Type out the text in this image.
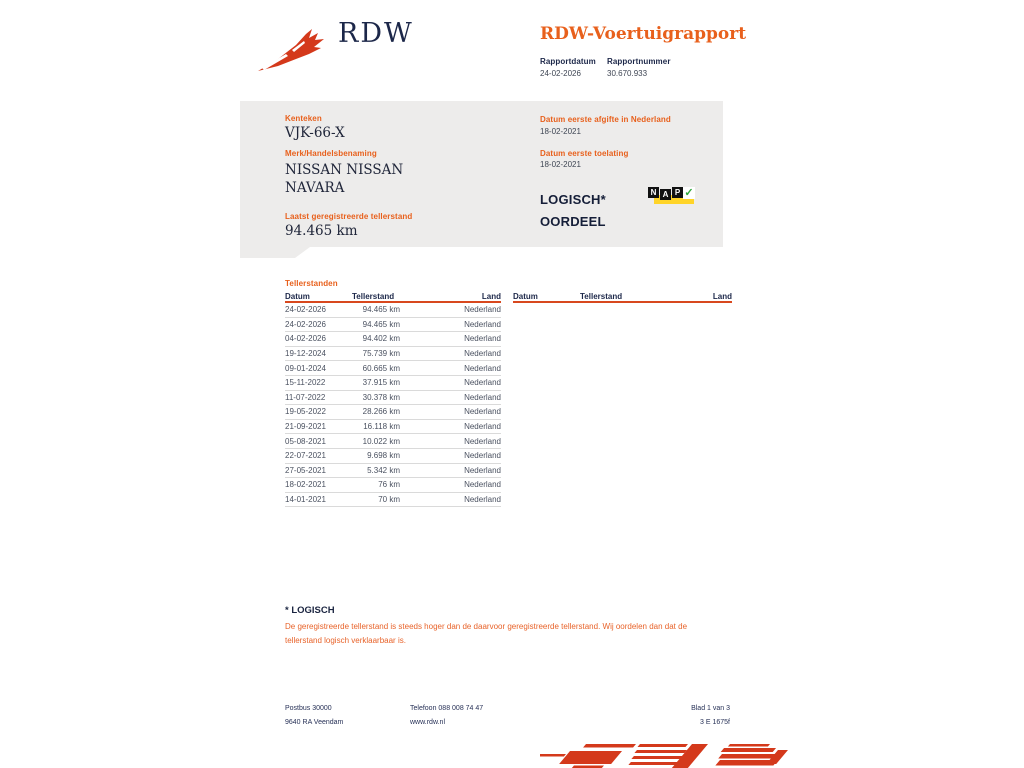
RDW	RDW-Voertuigrapport
Rapportdatum Rapportnummer
24-02-2026	30.670.933
Kenteken
VJK-66-X
Merk/Handelsbenaming
NISSAN NISSAN NAVARA
Laatst geregistreerde tellerstand
94.465 km
Datum eerste afgifte in Nederland
18-02-2021
Datum eerste toelating
18-02-2021
LOGISCH*
OORDEEL
N A P ✓
Tellerstanden
Datum	Tellerstand	Land
24-02-2026	94.465 km	Nederland
24-02-2026	94.465 km	Nederland
04-02-2026	94.402 km	Nederland
19-12-2024	75.739 km	Nederland
09-01-2024	60.665 km	Nederland
15-11-2022	37.915 km	Nederland
11-07-2022	30.378 km	Nederland
19-05-2022	28.266 km	Nederland
21-09-2021	16.118 km	Nederland
05-08-2021	10.022 km	Nederland
22-07-2021	9.698 km	Nederland
27-05-2021	5.342 km	Nederland
18-02-2021	76 km	Nederland
14-01-2021	70 km	Nederland
Datum	Tellerstand	Land
* LOGISCH
De geregistreerde tellerstand is steeds hoger dan de daarvoor geregistreerde tellerstand. Wij oordelen dan dat de tellerstand logisch verklaarbaar is.
Postbus 30000
9640 RA Veendam
Telefoon 088 008 74 47
www.rdw.nl
Blad 1 van 3
3 E 1675f
